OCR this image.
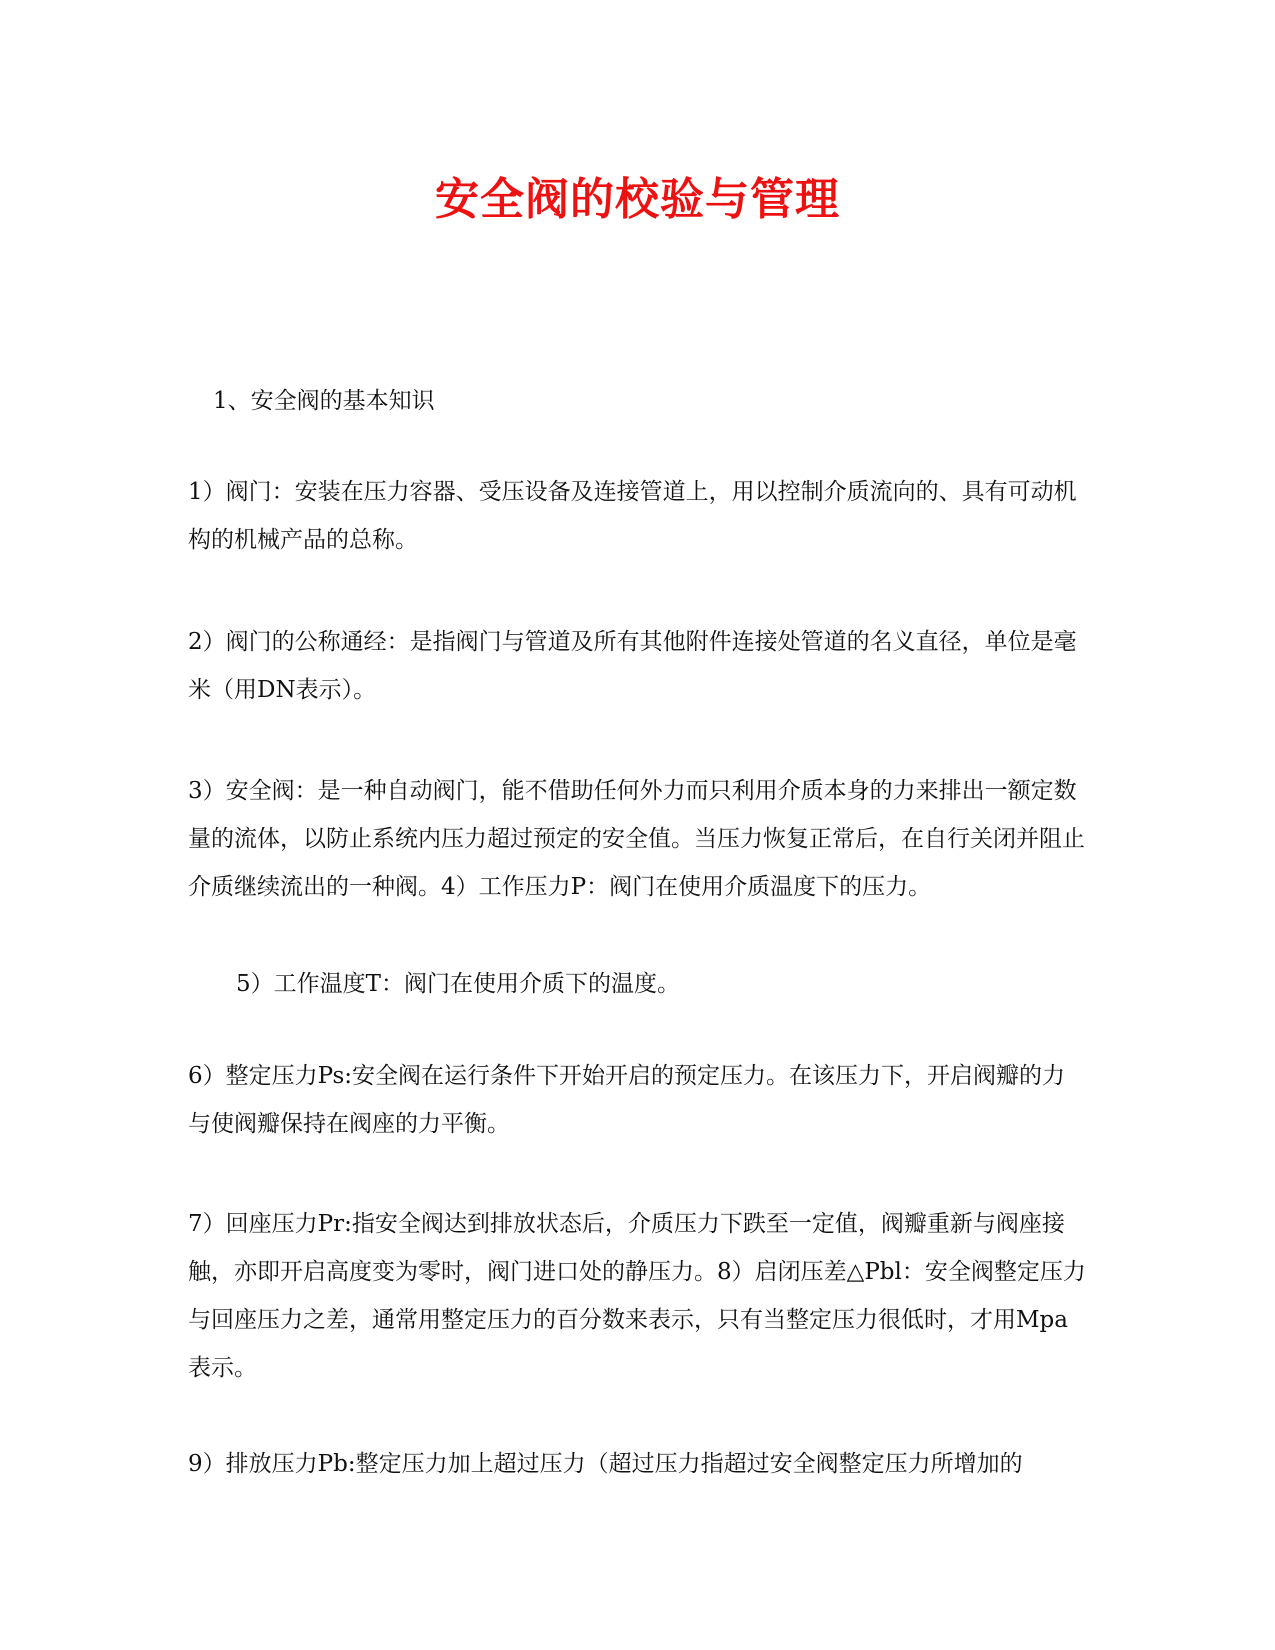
安全阀的校验与管理

1、安全阀的基本知识

1）阀门：安装在压力容器、受压设备及连接管道上，用以控制介质流向的、具有可动机构的机械产品的总称。

2）阀门的公称通经：是指阀门与管道及所有其他附件连接处管道的名义直径，单位是毫米（用DN表示）。

3）安全阀：是一种自动阀门，能不借助任何外力而只利用介质本身的力来排出一额定数量的流体，以防止系统内压力超过预定的安全值。当压力恢复正常后，在自行关闭并阻止介质继续流出的一种阀。4）工作压力P：阀门在使用介质温度下的压力。

5）工作温度T：阀门在使用介质下的温度。

6）整定压力Ps:安全阀在运行条件下开始开启的预定压力。在该压力下，开启阀瓣的力与使阀瓣保持在阀座的力平衡。

7）回座压力Pr:指安全阀达到排放状态后，介质压力下跌至一定值，阀瓣重新与阀座接触，亦即开启高度变为零时，阀门进口处的静压力。8）启闭压差△Pbl：安全阀整定压力与回座压力之差，通常用整定压力的百分数来表示，只有当整定压力很低时，才用Mpa表示。

9）排放压力Pb:整定压力加上超过压力（超过压力指超过安全阀整定压力所增加的
